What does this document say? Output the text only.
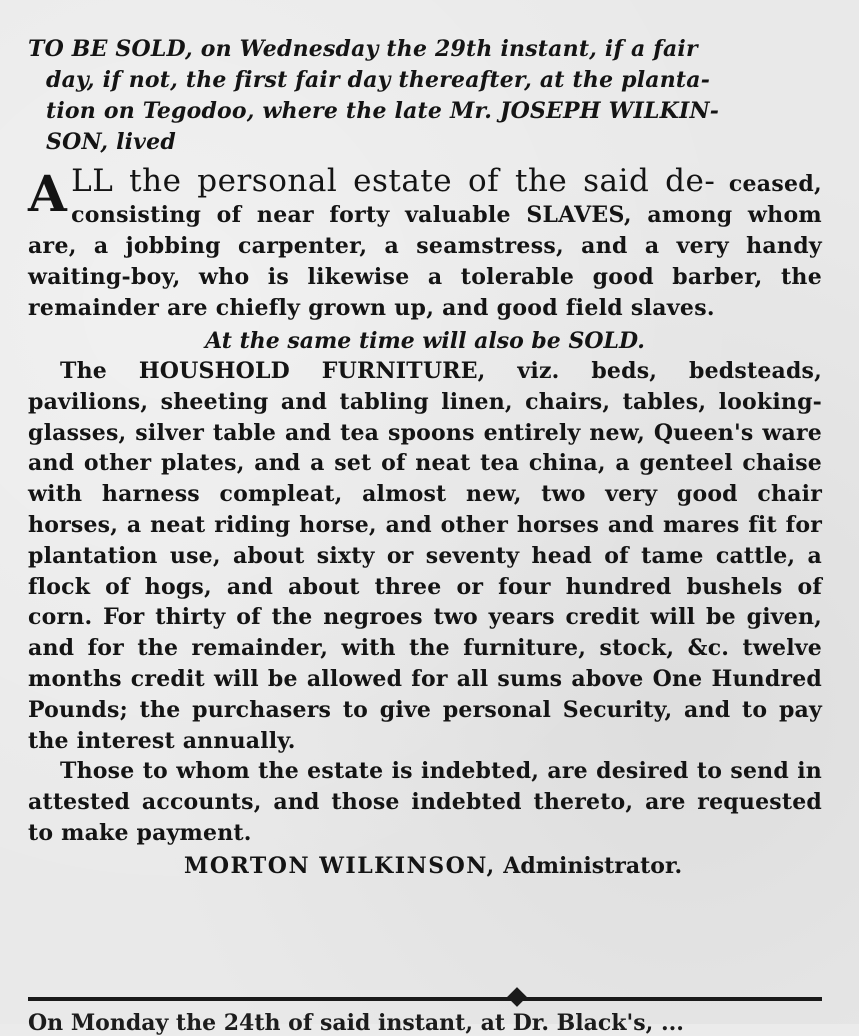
TO BE SOLD, on Wednesday the 29th instant, if a fair
day, if not, the first fair day thereafter, at the planta-
tion on Tegodoo, where the late Mr. JOSEPH WILKIN-
SON, lived
A LL the personal estate of the said de- ceased, consisting of near forty valuable SLAVES, among whom are, a jobbing carpenter, a seamstress, and a very handy waiting-boy, who is likewise a tolerable good barber, the remainder are chiefly grown up, and good field slaves.
At the same time will also be SOLD.

The HOUSHOLD FURNITURE, viz. beds, bedsteads, pavilions, sheeting and tabling linen, chairs, tables, looking-glasses, silver table and tea spoons entirely new, Queen's ware and other plates, and a set of neat tea china, a genteel chaise with harness compleat, almost new, two very good chair horses, a neat riding horse, and other horses and mares fit for plantation use, about sixty or seventy head of tame cattle, a flock of hogs, and about three or four hundred bushels of corn. For thirty of the negroes two years credit will be given, and for the remainder, with the furniture, stock, &c. twelve months credit will be allowed for all sums above One Hundred Pounds; the purchasers to give personal Security, and to pay the interest annually.

Those to whom the estate is indebted, are desired to send in attested accounts, and those indebted thereto, are requested to make payment.

MORTON WILKINSON, Administrator.
On Monday the 24th of said instant, at Dr. Black's, ...
